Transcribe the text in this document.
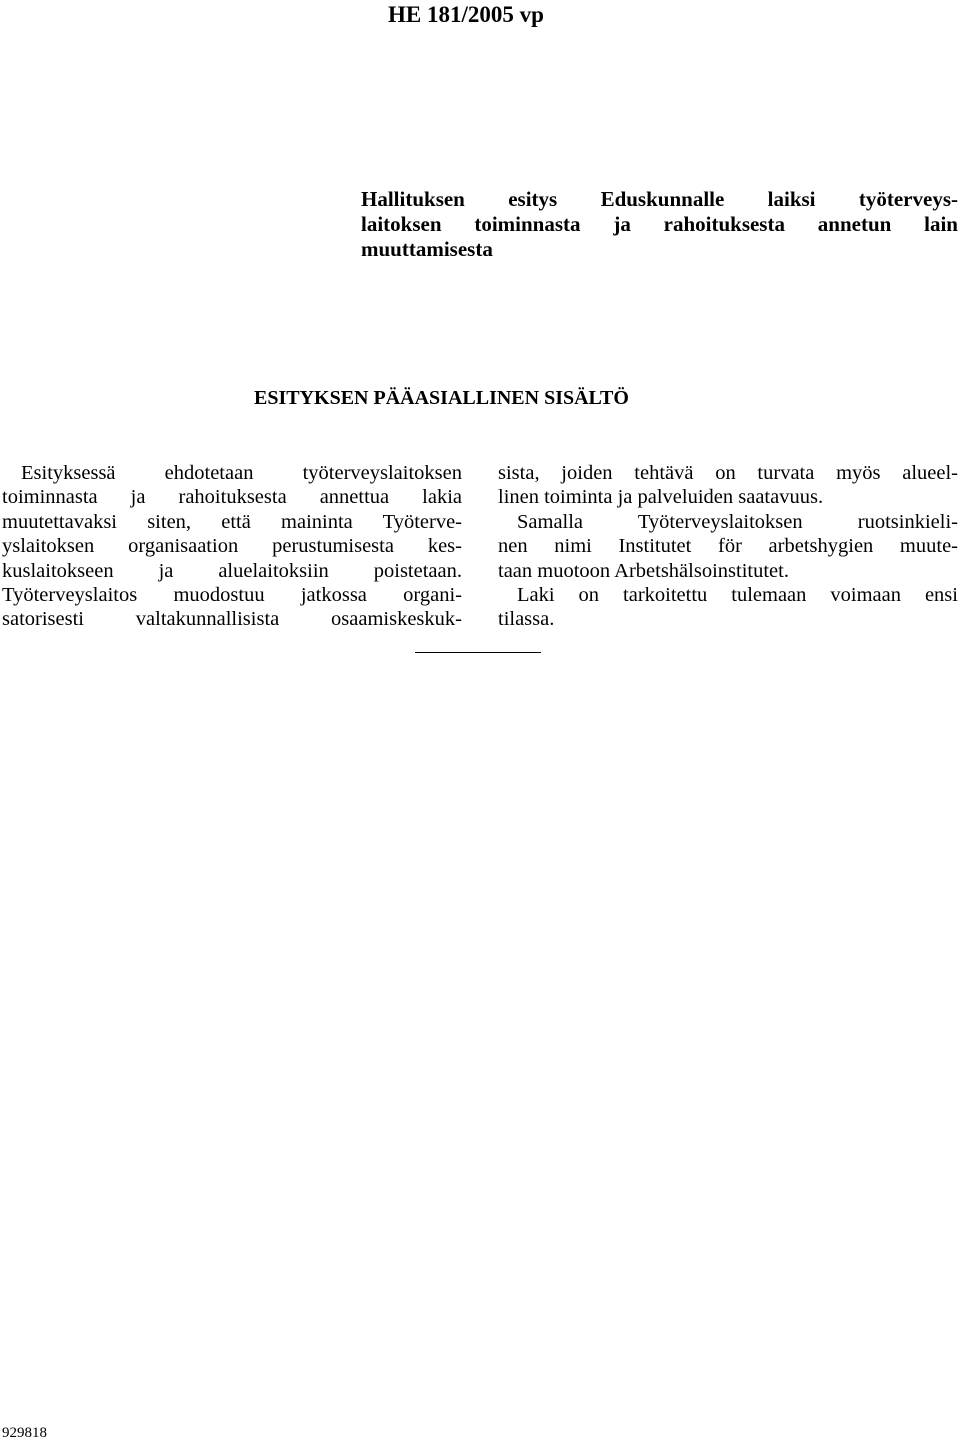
HE 181/2005 vp
Hallituksen esitys Eduskunnalle laiksi työterveys-
laitoksen toiminnasta ja rahoituksesta annetun lain
muuttamisesta
ESITYKSEN PÄÄASIALLINEN SISÄLTÖ
Esityksessä ehdotetaan työterveyslaitoksen
toiminnasta ja rahoituksesta annettua lakia
muutettavaksi siten, että maininta Työterve-
yslaitoksen organisaation perustumisesta kes-
kuslaitokseen ja aluelaitoksiin poistetaan.
Työterveyslaitos muodostuu jatkossa organi-
satorisesti valtakunnallisista osaamiskeskuk-
sista, joiden tehtävä on turvata myös alueel-
linen toiminta ja palveluiden saatavuus.
Samalla Työterveyslaitoksen ruotsinkieli-
nen nimi Institutet för arbetshygien muute-
taan muotoon Arbetshälsoinstitutet.
Laki on tarkoitettu tulemaan voimaan ensi
tilassa.
929818
